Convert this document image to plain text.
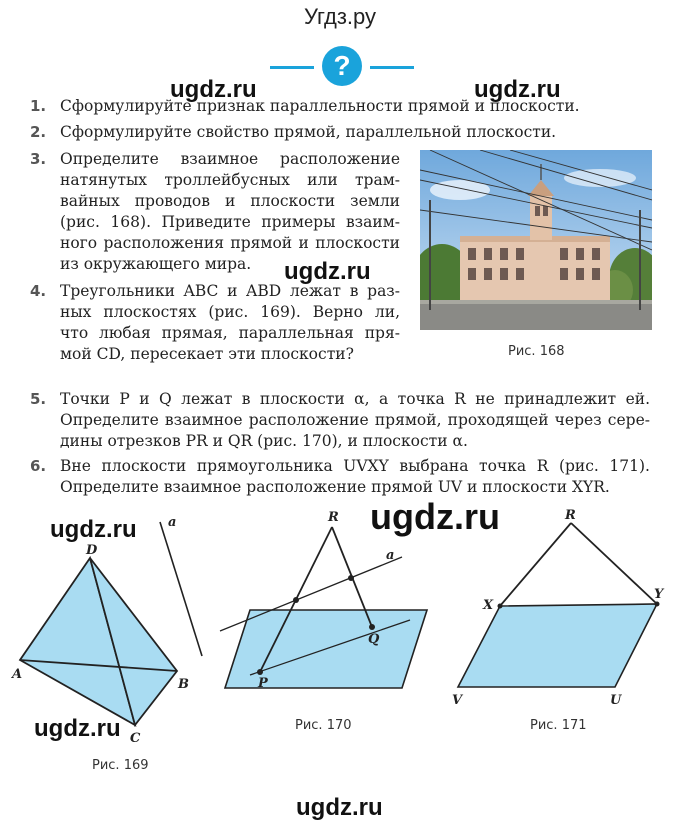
Угдз.ру
?
ugdz.ru	ugdz.ru
ugdz.ru
ugdz.ru	ugdz.ru
ugdz.ru
ugdz.ru
1. Сформулируйте признак параллельности прямой и плоскости.
2. Сформулируйте свойство прямой, параллельной плоскости.
3. Определите взаимное расположение
натянутых троллейбусных или трам-
вайных проводов и плоскости земли
(рис. 168). Приведите примеры взаим-
ного расположения прямой и плоскости
из окружающего мира.
4. Треугольники ABC и ABD лежат в раз-
ных плоскостях (рис. 169). Верно ли,
что любая прямая, параллельная пря-
мой CD, пересекает эти плоскости?	Рис. 168
5. Точки P и Q лежат в плоскости α, а точка R не принадлежит ей.
Определите взаимное расположение прямой, проходящей через сере-
дины отрезков PR и QR (рис. 170), и плоскости α.
6. Вне плоскости прямоугольника UVXY выбрана точка R (рис. 171).
Определите взаимное расположение прямой UV и плоскости XYR.
D
A
B
C
a
Рис. 169
R
a
Q
P
Рис. 170
R
X
Y
V	U
Рис. 171
